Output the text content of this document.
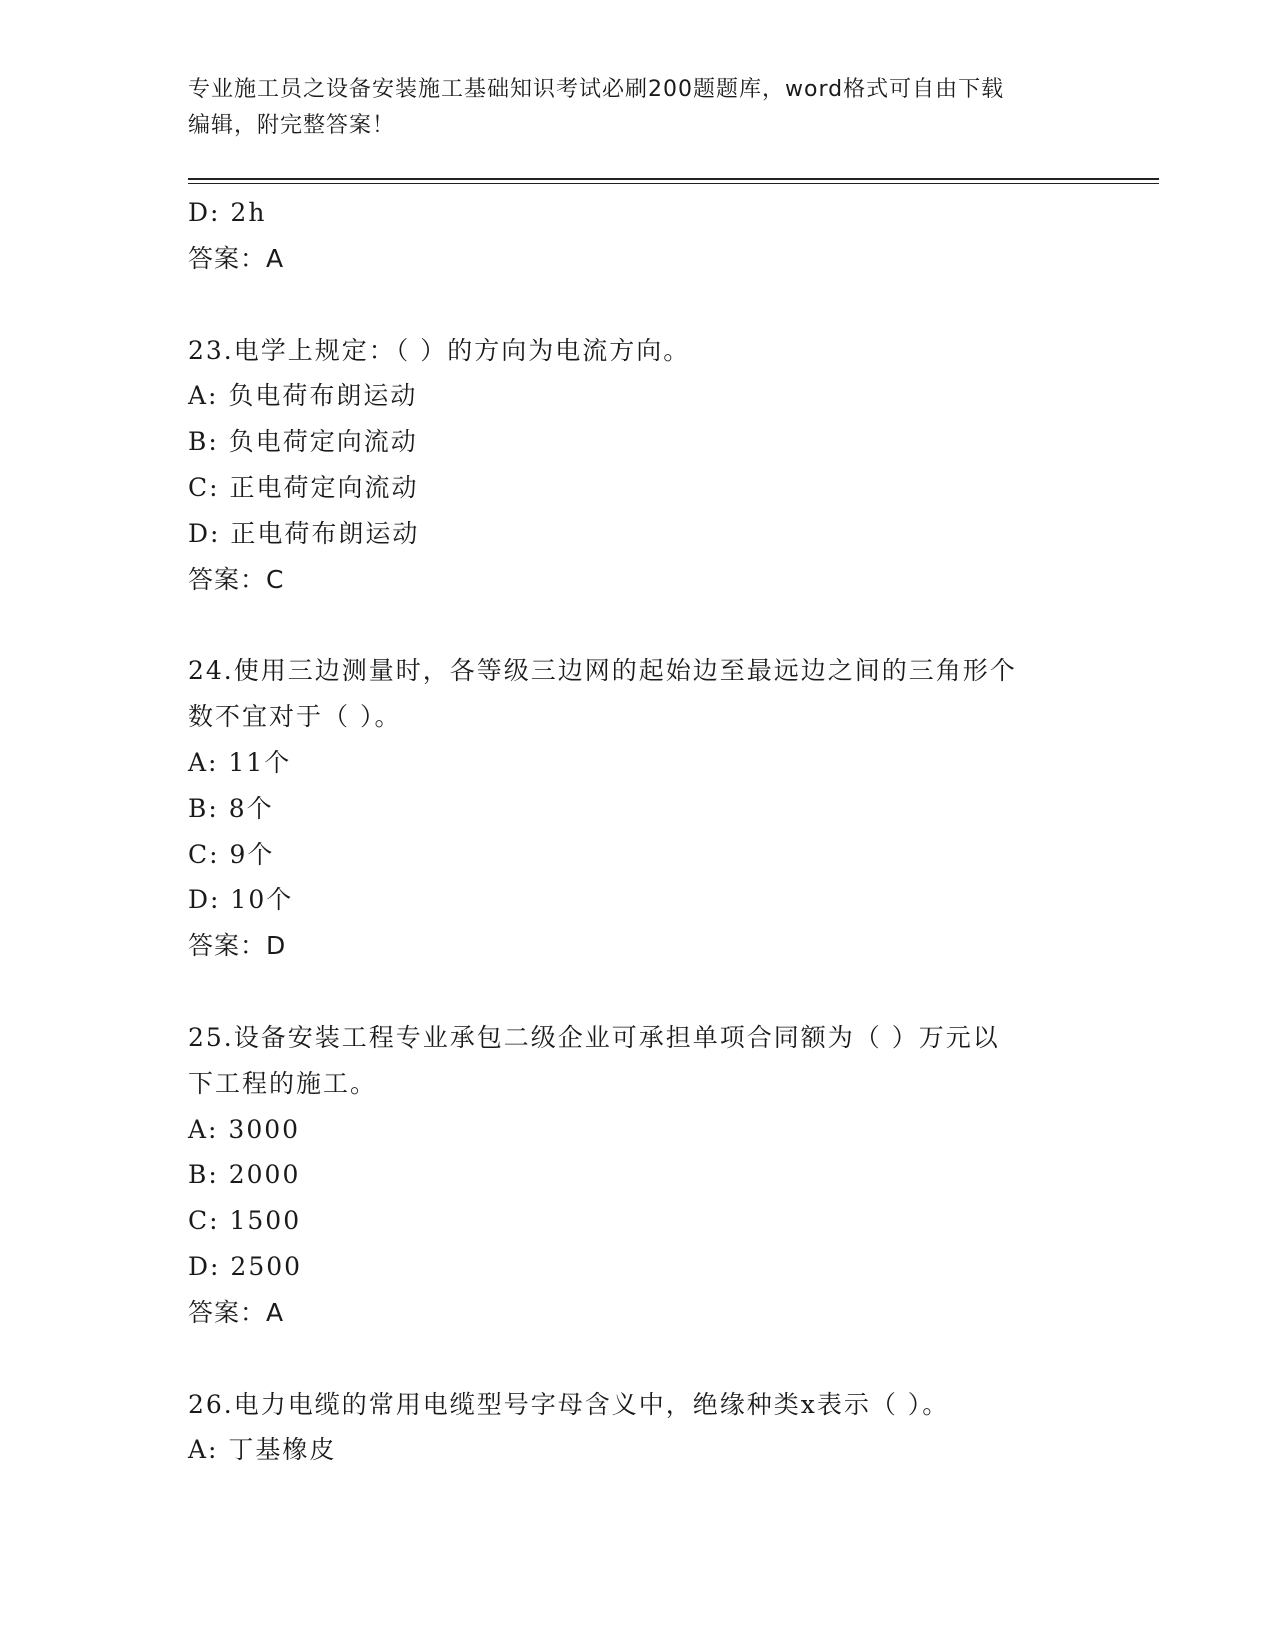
专业施工员之设备安装施工基础知识考试必刷200题题库，word格式可自由下载
编辑，附完整答案！
D: 2h
答案：A
23.电学上规定：（ ）的方向为电流方向。
A: 负电荷布朗运动
B: 负电荷定向流动
C: 正电荷定向流动
D: 正电荷布朗运动
答案：C
24.使用三边测量时，各等级三边网的起始边至最远边之间的三角形个
数不宜对于（ ）。
A: 11个
B: 8个
C: 9个
D: 10个
答案：D
25.设备安装工程专业承包二级企业可承担单项合同额为（ ）万元以
下工程的施工。
A: 3000
B: 2000
C: 1500
D: 2500
答案：A
26.电力电缆的常用电缆型号字母含义中，绝缘种类x表示（ ）。
A: 丁基橡皮
